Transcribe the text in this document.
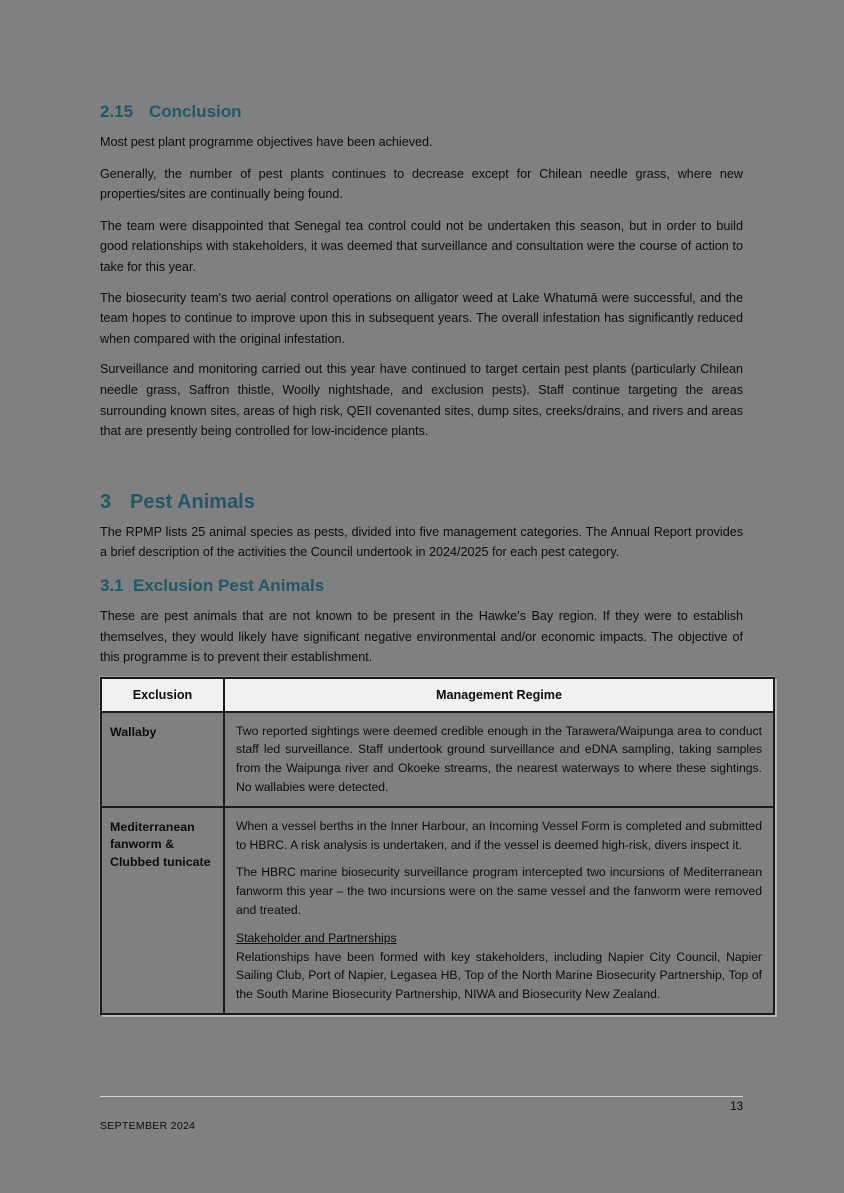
2.15 Conclusion

Most pest plant programme objectives have been achieved.

Generally, the number of pest plants continues to decrease except for Chilean needle grass, where new properties/sites are continually being found.

The team were disappointed that Senegal tea control could not be undertaken this season, but in order to build good relationships with stakeholders, it was deemed that surveillance and consultation were the course of action to take for this year.

The biosecurity team's two aerial control operations on alligator weed at Lake Whatumā were successful, and the team hopes to continue to improve upon this in subsequent years. The overall infestation has significantly reduced when compared with the original infestation.

Surveillance and monitoring carried out this year have continued to target certain pest plants (particularly Chilean needle grass, Saffron thistle, Woolly nightshade, and exclusion pests). Staff continue targeting the areas surrounding known sites, areas of high risk, QEII covenanted sites, dump sites, creeks/drains, and rivers and areas that are presently being controlled for low-incidence plants.

3 Pest Animals

The RPMP lists 25 animal species as pests, divided into five management categories. The Annual Report provides a brief description of the activities the Council undertook in 2024/2025 for each pest category.

3.1 Exclusion Pest Animals

These are pest animals that are not known to be present in the Hawke's Bay region. If they were to establish themselves, they would likely have significant negative environmental and/or economic impacts. The objective of this programme is to prevent their establishment.

Exclusion	Management Regime
Wallaby	Two reported sightings were deemed credible enough in the Tarawera/Waipunga area to conduct staff led surveillance. Staff undertook ground surveillance and eDNA sampling, taking samples from the Waipunga river and Okoeke streams, the nearest waterways to where these sightings. No wallabies were detected.

Mediterranean fanworm & Clubbed tunicate

When a vessel berths in the Inner Harbour, an Incoming Vessel Form is completed and submitted to HBRC. A risk analysis is undertaken, and if the vessel is deemed high-risk, divers inspect it.

The HBRC marine biosecurity surveillance program intercepted two incursions of Mediterranean fanworm this year – the two incursions were on the same vessel and the fanworm were removed and treated.

Stakeholder and Partnerships

Relationships have been formed with key stakeholders, including Napier City Council, Napier Sailing Club, Port of Napier, Legasea HB, Top of the North Marine Biosecurity Partnership, Top of the South Marine Biosecurity Partnership, NIWA and Biosecurity New Zealand.

13
SEPTEMBER 2024
